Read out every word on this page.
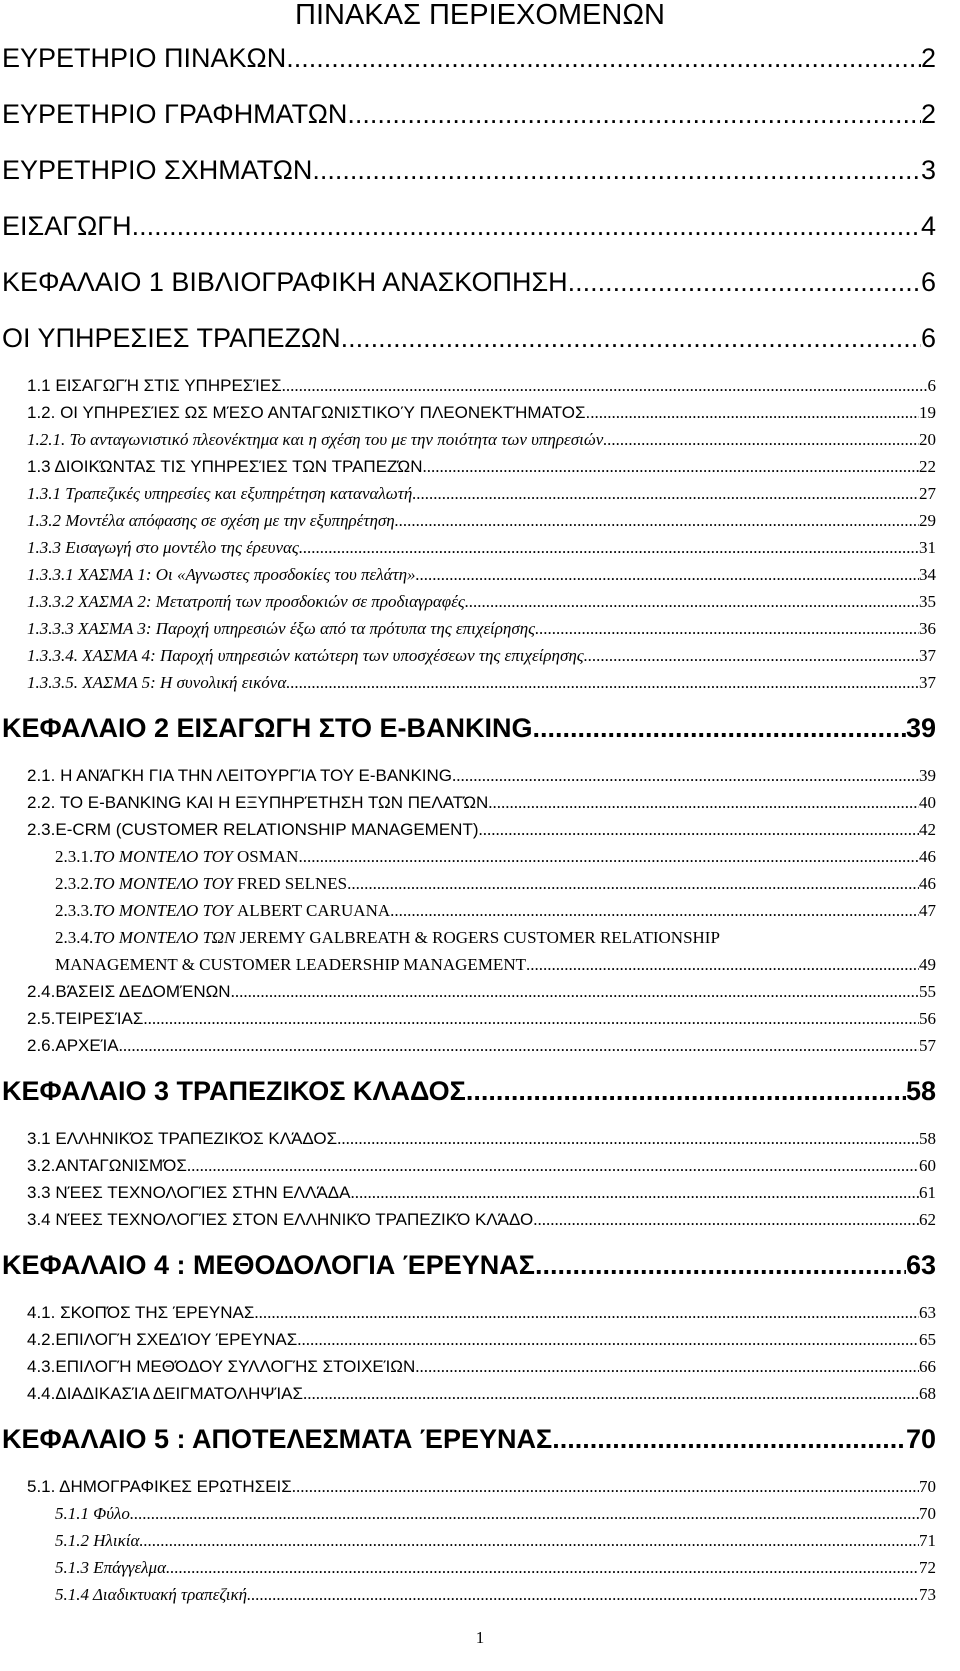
ΠΙΝΑΚΑΣ ΠΕΡΙΕΧΟΜΕΝΩΝ
ΕΥΡΕΤΗΡΙΟ ΠΙΝΑΚΩΝ .....	2
ΕΥΡΕΤΗΡΙΟ ΓΡΑΦΗΜΑΤΩΝ .....	2
ΕΥΡΕΤΗΡΙΟ ΣΧΗΜΑΤΩΝ .....	3
ΕΙΣΑΓΩΓΗ .....	4
ΚΕΦΑΛΑΙΟ 1 ΒΙΒΛΙΟΓΡΑΦΙΚΗ ΑΝΑΣΚΟΠΗΣΗ. .....	6
ΟΙ ΥΠΗΡΕΣΙΕΣ ΤΡΑΠΕΖΩΝ .....	6
1.1 ΕΙΣΑΓΩΓΉ ΣΤΙΣ ΥΠΗΡΕΣΊΕΣ .....	6
1.2. ΟΙ ΥΠΗΡΕΣΊΕΣ ΩΣ ΜΈΣΟ ΑΝΤΑΓΩΝΙΣΤΙΚΟΎ ΠΛΕΟΝΕΚΤΉΜΑΤΟΣ. .....	19
1.2.1. Το ανταγωνιστικό πλεονέκτημα και η σχέση του με την ποιότητα των υπηρεσιών .....	20
1.3 ΔΙΟΙΚΏΝΤΑΣ ΤΙΣ ΥΠΗΡΕΣΊΕΣ ΤΩΝ ΤΡΑΠΕΖΏΝ .....	22
1.3.1 Τραπεζικές υπηρεσίες και εξυπηρέτηση καταναλωτή .....	27
1.3.2 Μοντέλα απόφασης σε σχέση με την εξυπηρέτηση .....	29
1.3.3 Εισαγωγή στο μοντέλο της έρευνας .....	31
1.3.3.1 ΧΑΣΜΑ 1: Οι «Αγνωστες προσδοκίες του πελάτη» .....	34
1.3.3.2 ΧΑΣΜΑ 2: Μετατροπή των προσδοκιών σε προδιαγραφές .....	35
1.3.3.3 ΧΑΣΜΑ 3: Παροχή υπηρεσιών έξω από τα πρότυπα της επιχείρησης .....	36
1.3.3.4. ΧΑΣΜΑ 4: Παροχή υπηρεσιών κατώτερη των υποσχέσεων της επιχείρησης .....	37
1.3.3.5. ΧΑΣΜΑ 5: Η συνολική εικόνα .....	37
ΚΕΦΑΛΑΙΟ 2 ΕΙΣΑΓΩΓΗ ΣΤΟ E-BANKING .....	39
2.1. Η ΑΝΆΓΚΗ ΓΙΑ ΤΗΝ ΛΕΙΤΟΥΡΓΊΑ ΤΟΥ E-BANKING .....	39
2.2. ΤΟ E-BANKING ΚΑΙ Η ΕΞΥΠΗΡΈΤΗΣΗ ΤΩΝ ΠΕΛΑΤΏΝ .....	40
2.3.E-CRM (CUSTOMER RELATIONSHIP MANAGEMENT) .....	42
2.3.1.ΤΟ ΜΟΝΤΕΛΟ ΤΟΥ OSMAN .....	46
2.3.2.ΤΟ ΜΟΝΤΕΛΟ ΤΟΥ FRED SELNES .....	46
2.3.3.ΤΟ ΜΟΝΤΕΛΟ ΤΟΥ ALBERT CARUANA .....	47
2.3.4.ΤΟ ΜΟΝΤΕΛΟ ΤΩΝ JEREMY GALBREATH & ROGERS CUSTOMER RELATIONSHIP
MANAGEMENT & CUSTOMER LEADERSHIP MANAGEMENT .....	49
2.4.ΒΆΣΕΙΣ ΔΕΔΟΜΈΝΩΝ .....	55
2.5.ΤΕΙΡΕΣΊΑΣ .....	56
2.6.ΑΡΧΕΊΑ .....	57
ΚΕΦΑΛΑΙΟ 3 ΤΡΑΠΕΖΙΚΟΣ ΚΛΑΔΟΣ .....	58
3.1 ΕΛΛΗΝΙΚΌΣ ΤΡΑΠΕΖΙΚΌΣ ΚΛΆΔΟΣ .....	58
3.2.ΑΝΤΑΓΩΝΙΣΜΌΣ .....	60
3.3 ΝΈΕΣ ΤΕΧΝΟΛΟΓΊΕΣ ΣΤΗΝ ΕΛΛΆΔΑ .....	61
3.4 ΝΈΕΣ ΤΕΧΝΟΛΟΓΊΕΣ ΣΤΟΝ ΕΛΛΗΝΙΚΌ ΤΡΑΠΕΖΙΚΌ ΚΛΆΔΟ .....	62
ΚΕΦΑΛΑΙΟ 4 : ΜΕΘΟΔΟΛΟΓΙΑ ΈΡΕΥΝΑΣ .....	63
4.1. ΣΚΟΠΌΣ ΤΗΣ ΈΡΕΥΝΑΣ .....	63
4.2.ΕΠΙΛΟΓΉ ΣΧΕΔΊΟΥ ΈΡΕΥΝΑΣ .....	65
4.3.ΕΠΙΛΟΓΉ ΜΕΘΌΔΟΥ ΣΥΛΛΟΓΉΣ ΣΤΟΙΧΕΊΩΝ .....	66
4.4.ΔΙΑΔΙΚΑΣΊΑ ΔΕΙΓΜΑΤΟΛΗΨΊΑΣ .....	68
ΚΕΦΑΛΑΙΟ 5 : ΑΠΟΤΕΛΕΣΜΑΤΑ ΈΡΕΥΝΑΣ .....	70
5.1. ΔΗΜΟΓΡΑΦΙΚΕΣ ΕΡΩΤΗΣΕΙΣ .....	70
5.1.1 Φύλο .....	70
5.1.2 Ηλικία .....	71
5.1.3 Επάγγελμα .....	72
5.1.4 Διαδικτυακή τραπεζική .....	73
1
